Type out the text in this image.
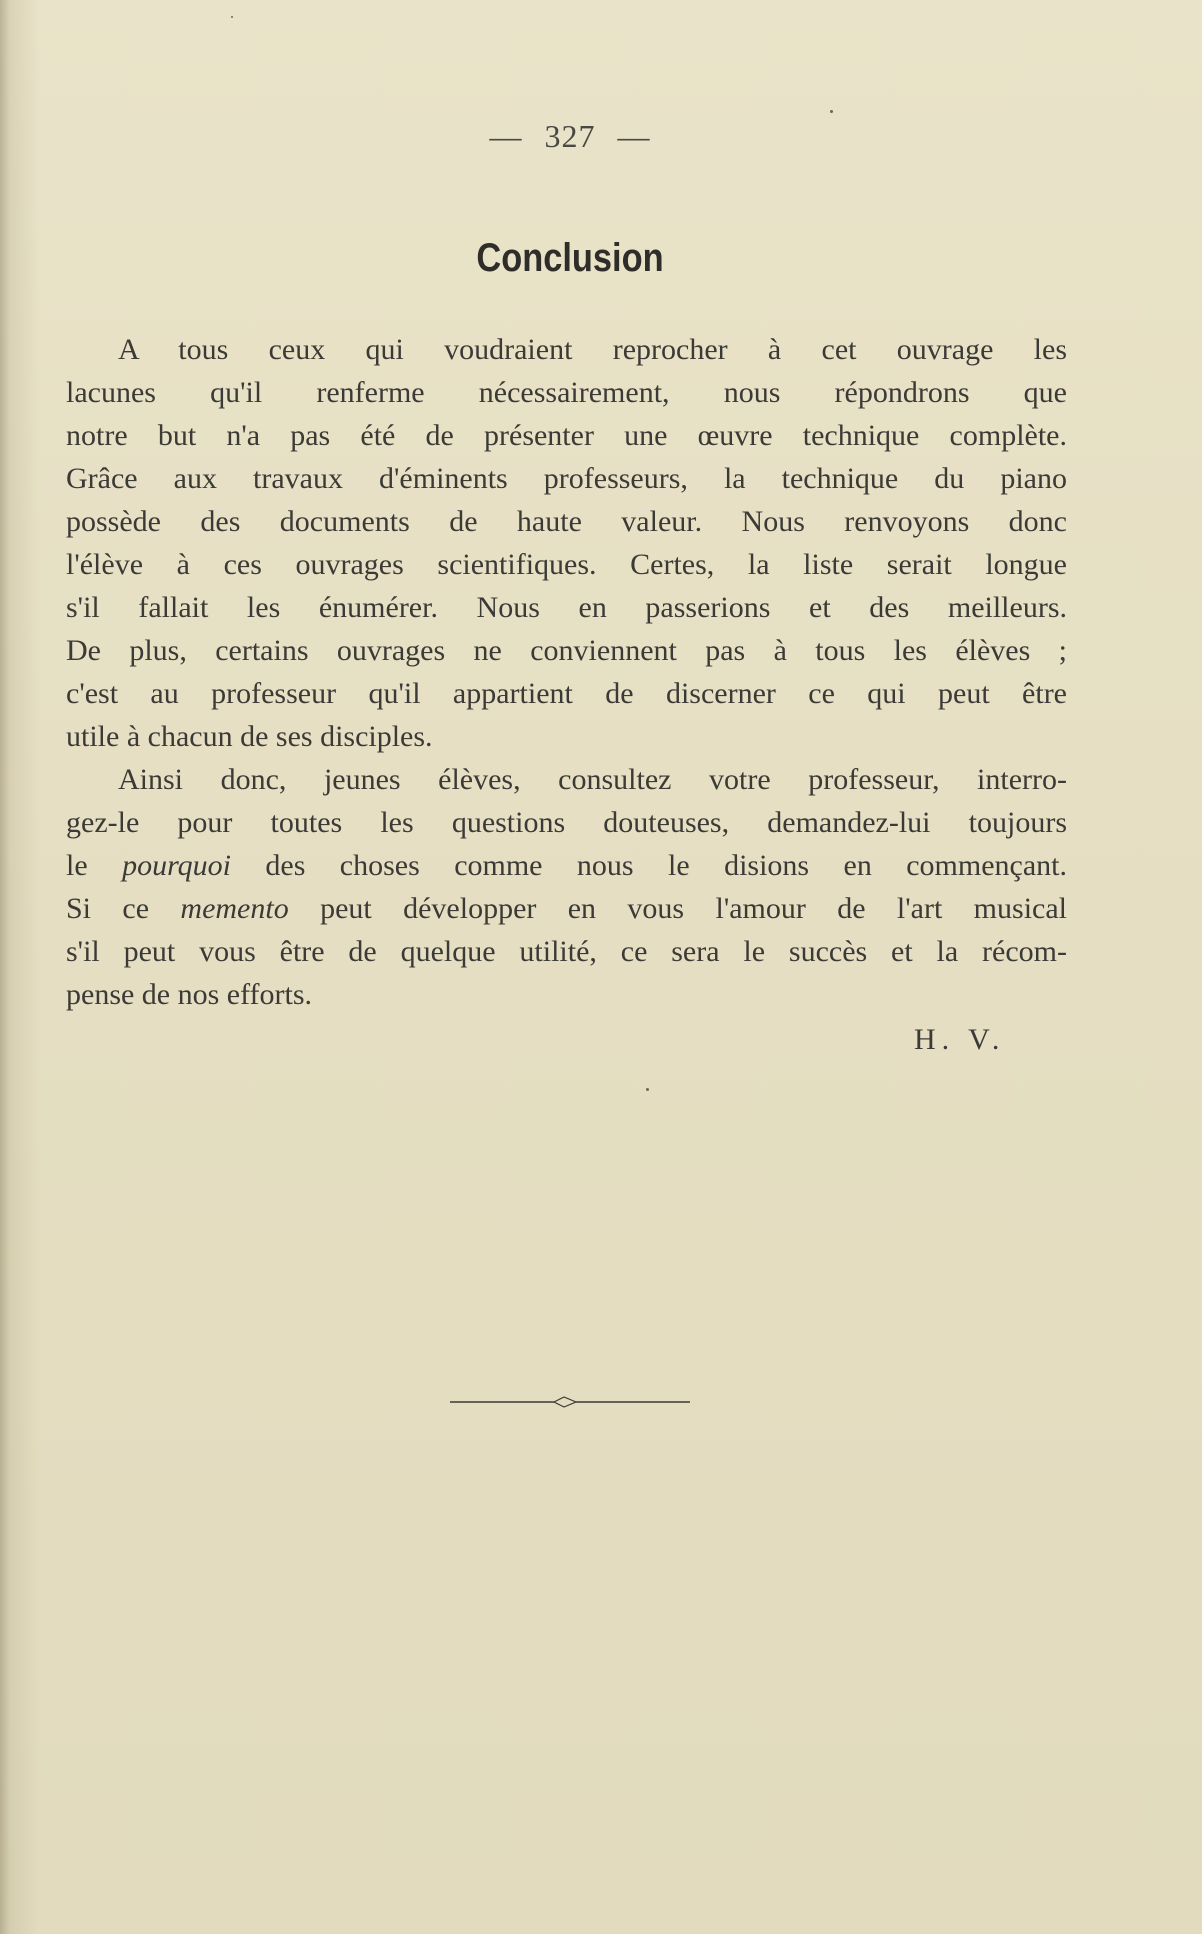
— 327 —
Conclusion
A tous ceux qui voudraient reprocher à cet ouvrage les
lacunes qu'il renferme nécessairement, nous répondrons que
notre but n'a pas été de présenter une œuvre technique complète.
Grâce aux travaux d'éminents professeurs, la technique du piano
possède des documents de haute valeur. Nous renvoyons donc
l'élève à ces ouvrages scientifiques. Certes, la liste serait longue
s'il fallait les énumérer. Nous en passerions et des meilleurs.
De plus, certains ouvrages ne conviennent pas à tous les élèves ;
c'est au professeur qu'il appartient de discerner ce qui peut être
utile à chacun de ses disciples.
Ainsi donc, jeunes élèves, consultez votre professeur, interro-
gez-le pour toutes les questions douteuses, demandez-lui toujours
le pourquoi des choses comme nous le disions en commençant.
Si ce memento peut développer en vous l'amour de l'art musical
s'il peut vous être de quelque utilité, ce sera le succès et la récom-
pense de nos efforts.
H. V.
